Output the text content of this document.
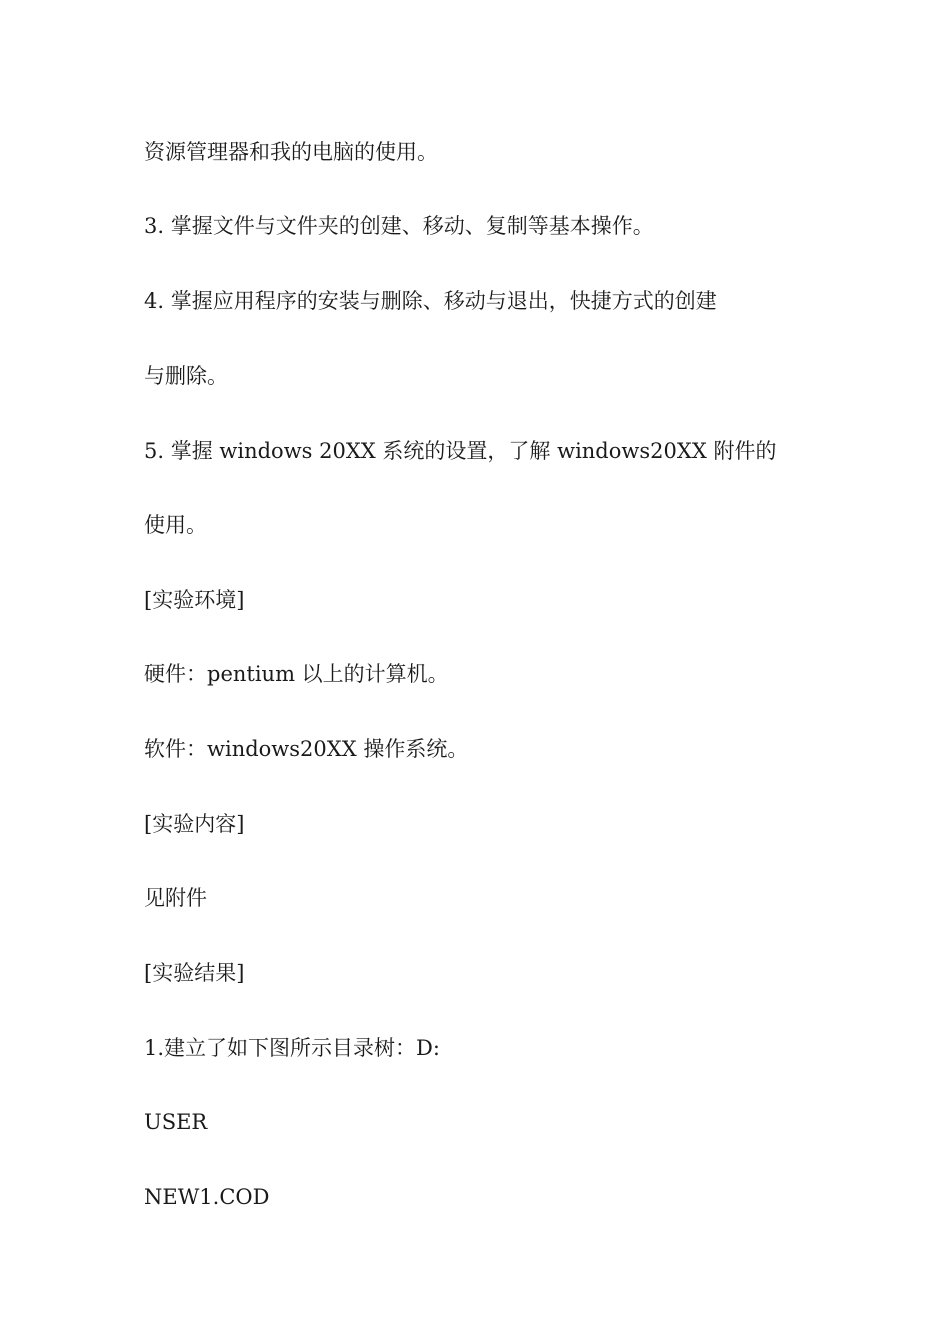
资源管理器和我的电脑的使用。
3. 掌握文件与文件夹的创建、移动、复制等基本操作。
4. 掌握应用程序的安装与删除、移动与退出，快捷方式的创建
与删除。
5. 掌握 windows 20XX 系统的设置，了解 windows20XX 附件的
使用。
[实验环境]
硬件：pentium 以上的计算机。
软件：windows20XX 操作系统。
[实验内容]
见附件
[实验结果]
1.建立了如下图所示目录树：D:
USER
NEW1.COD
